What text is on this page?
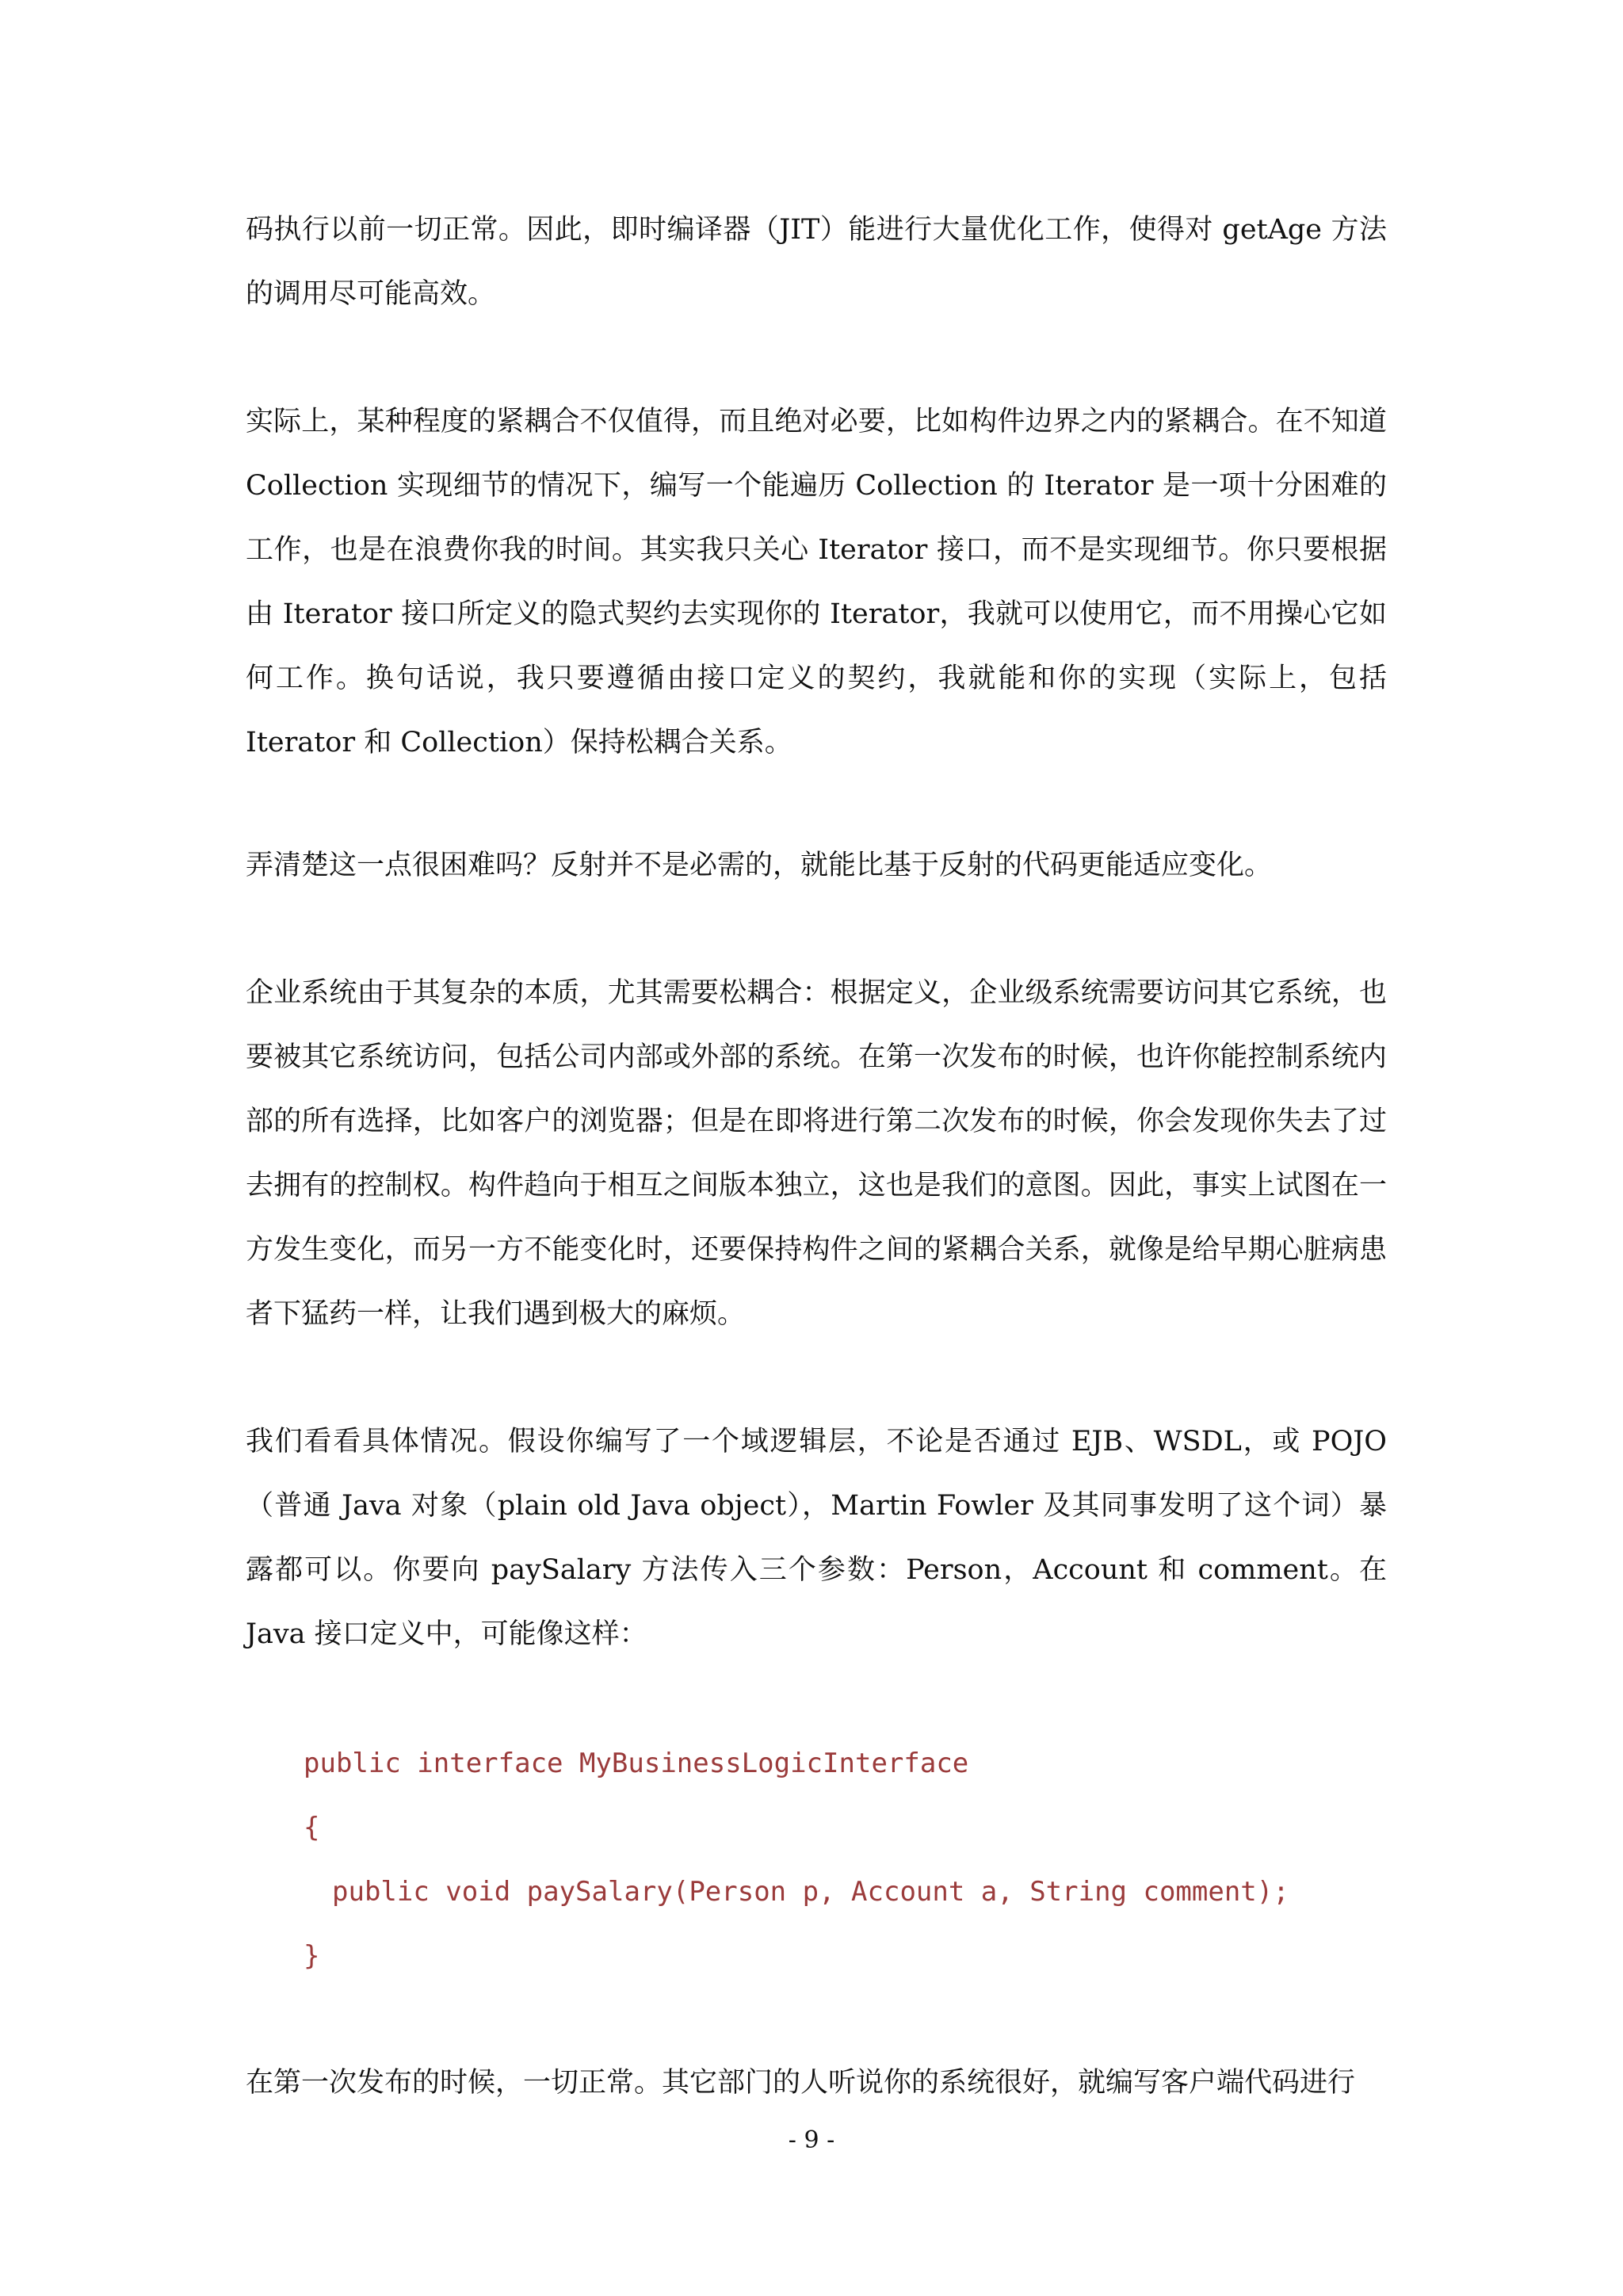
码执行以前一切正常。因此，即时编译器（JIT）能进行大量优化工作，使得对 getAge 方法的调用尽可能高效。

实际上，某种程度的紧耦合不仅值得，而且绝对必要，比如构件边界之内的紧耦合。在不知道 Collection 实现细节的情况下，编写一个能遍历 Collection 的 Iterator 是一项十分困难的工作，也是在浪费你我的时间。其实我只关心 Iterator 接口，而不是实现细节。你只要根据由 Iterator 接口所定义的隐式契约去实现你的 Iterator，我就可以使用它，而不用操心它如何工作。换句话说，我只要遵循由接口定义的契约，我就能和你的实现（实际上，包括 Iterator 和 Collection）保持松耦合关系。

弄清楚这一点很困难吗？反射并不是必需的，就能比基于反射的代码更能适应变化。

企业系统由于其复杂的本质，尤其需要松耦合：根据定义，企业级系统需要访问其它系统，也要被其它系统访问，包括公司内部或外部的系统。在第一次发布的时候，也许你能控制系统内部的所有选择，比如客户的浏览器；但是在即将进行第二次发布的时候，你会发现你失去了过去拥有的控制权。构件趋向于相互之间版本独立，这也是我们的意图。因此，事实上试图在一方发生变化，而另一方不能变化时，还要保持构件之间的紧耦合关系，就像是给早期心脏病患者下猛药一样，让我们遇到极大的麻烦。

我们看看具体情况。假设你编写了一个域逻辑层，不论是否通过 EJB、WSDL，或 POJO （普通 Java 对象（plain old Java object），Martin Fowler 及其同事发明了这个词）暴露都可以。你要向 paySalary 方法传入三个参数：Person，Account 和 comment。在 Java 接口定义中，可能像这样：

public interface MyBusinessLogicInterface
{
public void paySalary(Person p, Account a, String comment);
}

在第一次发布的时候，一切正常。其它部门的人听说你的系统很好，就编写客户端代码进行

- 9 -
